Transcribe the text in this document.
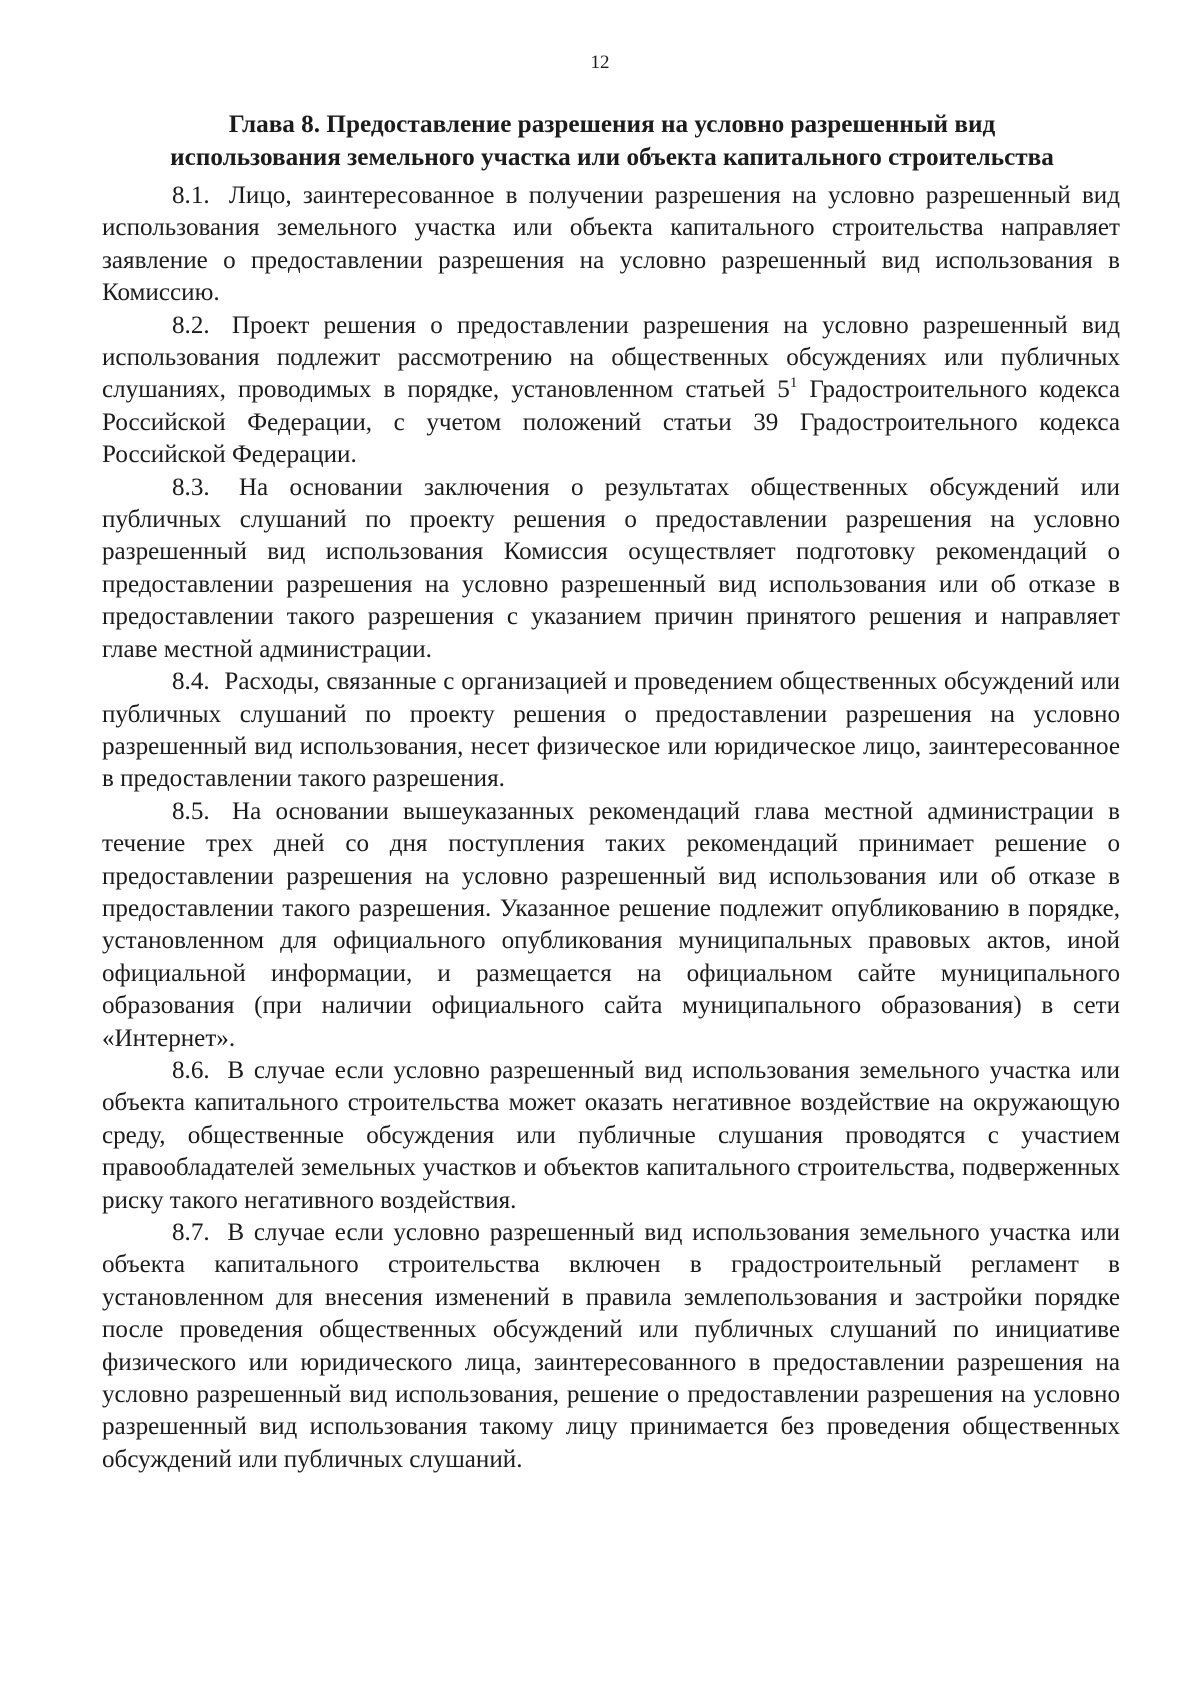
12
Глава 8. Предоставление разрешения на условно разрешенный вид
использования земельного участка или объекта капитального строительства

8.1. Лицо, заинтересованное в получении разрешения на условно разрешенный вид использования земельного участка или объекта капитального строительства направляет заявление о предоставлении разрешения на условно разрешенный вид использования в Комиссию.

8.2. Проект решения о предоставлении разрешения на условно разрешенный вид использования подлежит рассмотрению на общественных обсуждениях или публичных слушаниях, проводимых в порядке, установленном статьей $5^1$ Градостроительного кодекса Российской Федерации, с учетом положений статьи 39 Градостроительного кодекса Российской Федерации.

8.3. На основании заключения о результатах общественных обсуждений или публичных слушаний по проекту решения о предоставлении разрешения на условно разрешенный вид использования Комиссия осуществляет подготовку рекомендаций о предоставлении разрешения на условно разрешенный вид использования или об отказе в предоставлении такого разрешения с указанием причин принятого решения и направляет главе местной администрации.

8.4. Расходы, связанные с организацией и проведением общественных обсуждений или публичных слушаний по проекту решения о предоставлении разрешения на условно разрешенный вид использования, несет физическое или юридическое лицо, заинтересованное в предоставлении такого разрешения.

8.5. На основании вышеуказанных рекомендаций глава местной администрации в течение трех дней со дня поступления таких рекомендаций принимает решение о предоставлении разрешения на условно разрешенный вид использования или об отказе в предоставлении такого разрешения. Указанное решение подлежит опубликованию в порядке, установленном для официального опубликования муниципальных правовых актов, иной официальной информации, и размещается на официальном сайте муниципального образования (при наличии официального сайта муниципального образования) в сети «Интернет».

8.6. В случае если условно разрешенный вид использования земельного участка или объекта капитального строительства может оказать негативное воздействие на окружающую среду, общественные обсуждения или публичные слушания проводятся с участием правообладателей земельных участков и объектов капитального строительства, подверженных риску такого негативного воздействия.

8.7. В случае если условно разрешенный вид использования земельного участка или объекта капитального строительства включен в градостроительный регламент в установленном для внесения изменений в правила землепользования и застройки порядке после проведения общественных обсуждений или публичных слушаний по инициативе физического или юридического лица, заинтересованного в предоставлении разрешения на условно разрешенный вид использования, решение о предоставлении разрешения на условно разрешенный вид использования такому лицу принимается без проведения общественных обсуждений или публичных слушаний.
